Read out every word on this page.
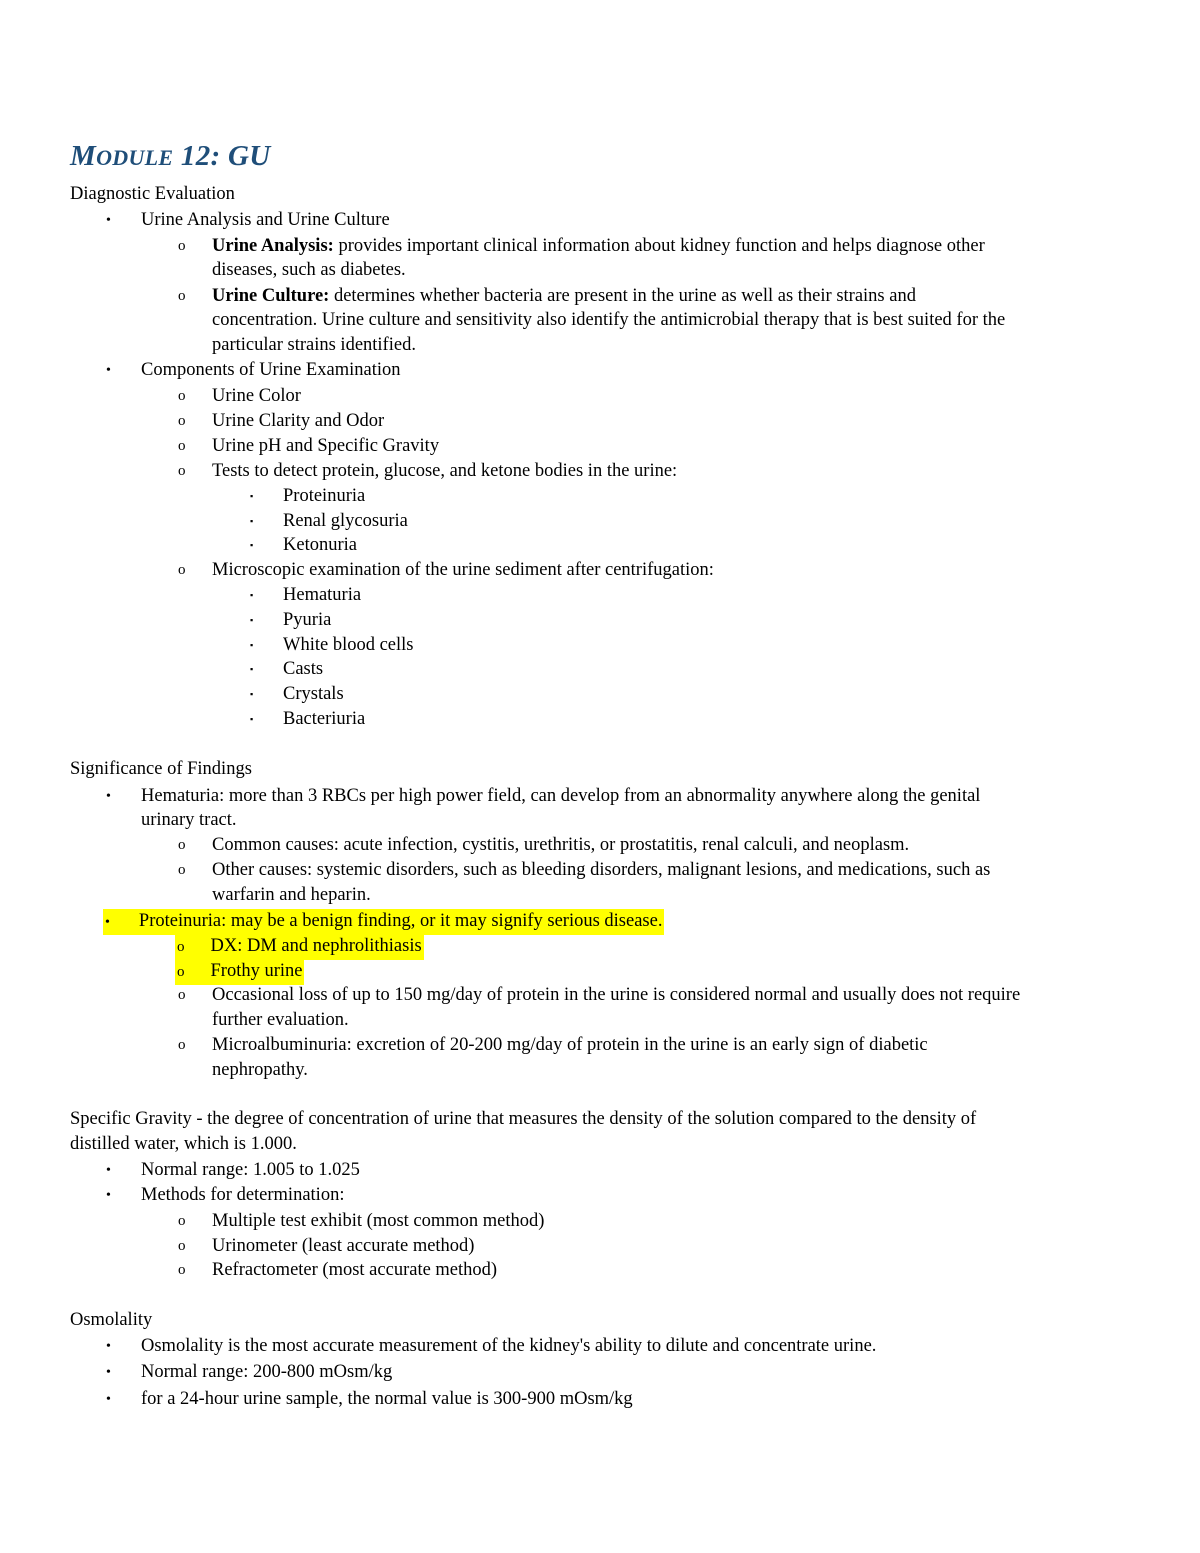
MODULE 12: GU
Diagnostic Evaluation
• Urine Analysis and Urine Culture
o Urine Analysis: provides important clinical information about kidney function and helps diagnose other
diseases, such as diabetes.
o Urine Culture: determines whether bacteria are present in the urine as well as their strains and
concentration. Urine culture and sensitivity also identify the antimicrobial therapy that is best suited for the
particular strains identified.
• Components of Urine Examination
o Urine Color
o Urine Clarity and Odor
o Urine pH and Specific Gravity
o Tests to detect protein, glucose, and ketone bodies in the urine:
▪ Proteinuria
▪ Renal glycosuria
▪ Ketonuria
o Microscopic examination of the urine sediment after centrifugation:
▪ Hematuria
▪ Pyuria
▪ White blood cells
▪ Casts
▪ Crystals
▪ Bacteriuria
Significance of Findings
• Hematuria: more than 3 RBCs per high power field, can develop from an abnormality anywhere along the genital
urinary tract.
o Common causes: acute infection, cystitis, urethritis, or prostatitis, renal calculi, and neoplasm.
o Other causes: systemic disorders, such as bleeding disorders, malignant lesions, and medications, such as
warfarin and heparin.
• Proteinuria: may be a benign finding, or it may signify serious disease.
o DX: DM and nephrolithiasis
o Frothy urine
o Occasional loss of up to 150 mg/day of protein in the urine is considered normal and usually does not require
further evaluation.
o Microalbuminuria: excretion of 20-200 mg/day of protein in the urine is an early sign of diabetic
nephropathy.
Specific Gravity - the degree of concentration of urine that measures the density of the solution compared to the density of
distilled water, which is 1.000.
• Normal range: 1.005 to 1.025
• Methods for determination:
o Multiple test exhibit (most common method)
o Urinometer (least accurate method)
o Refractometer (most accurate method)
Osmolality
• Osmolality is the most accurate measurement of the kidney's ability to dilute and concentrate urine.
• Normal range: 200-800 mOsm/kg
• for a 24-hour urine sample, the normal value is 300-900 mOsm/kg
